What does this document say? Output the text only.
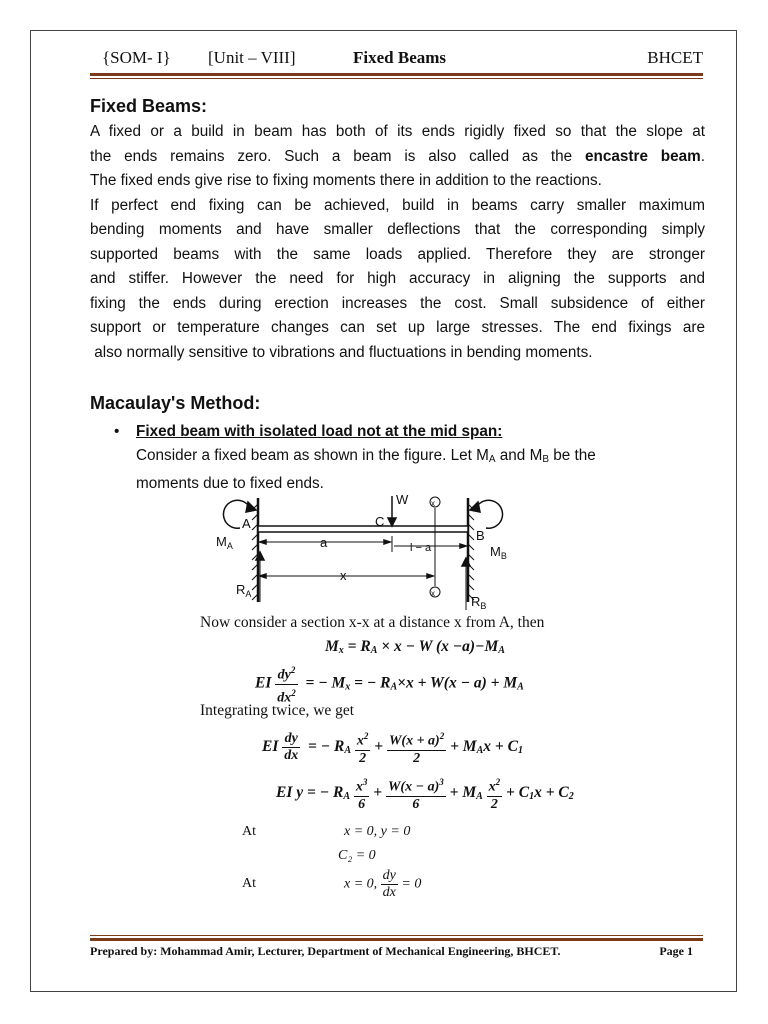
{SOM- I} [Unit – VIII]	Fixed Beams	BHCET
Fixed Beams:
A fixed or a build in beam has both of its ends rigidly fixed so that the slope at
the ends remains zero. Such a beam is also called as the encastre beam.
The fixed ends give rise to fixing moments there in addition to the reactions.
If perfect end fixing can be achieved, build in beams carry smaller maximum
bending moments and have smaller deflections that the corresponding simply
supported beams with the same loads applied. Therefore they are stronger
and stiffer. However the need for high accuracy in aligning the supports and
fixing the ends during erection increases the cost. Small subsidence of either
support or temperature changes can set up large stresses. The end fixings are
also normally sensitive to vibrations and fluctuations in bending moments.
Macaulay's Method:
• Fixed beam with isolated load not at the mid span:
Consider a fixed beam as shown in the figure. Let $M_A$ and $M_B$ be the
moments due to fixed ends.
A
$M_A$
W
C
B
$M_B$
a	l − a
x
x
x
$R_A$	$R_B$
Now consider a section x-x at a distance x from A, then
$M_x = R_A \times x - W$ $(x -a)-M_A$
EI $\frac{dy^2}{dx^2}$ = − $M_x$ = − $R_A\times x + W(x - a) + M_A$
Integrating twice, we get
EI $\frac{dy}{dx}$ = − $R_A \frac{x^2}{2} + \frac{W(x + a)^2}{2} + M_Ax + C_1$
EI y = − $R_A \frac{x^3}{6} + \frac{W(x - a)^3}{6} + M_A \frac{x^2}{2} + C_1x + C_2$
At	x = 0, y = 0
C₂ = 0
At	x = 0, $\frac{dy}{dx} = 0$
Prepared by: Mohammad Amir, Lecturer, Department of Mechanical Engineering, BHCET.	Page 1
